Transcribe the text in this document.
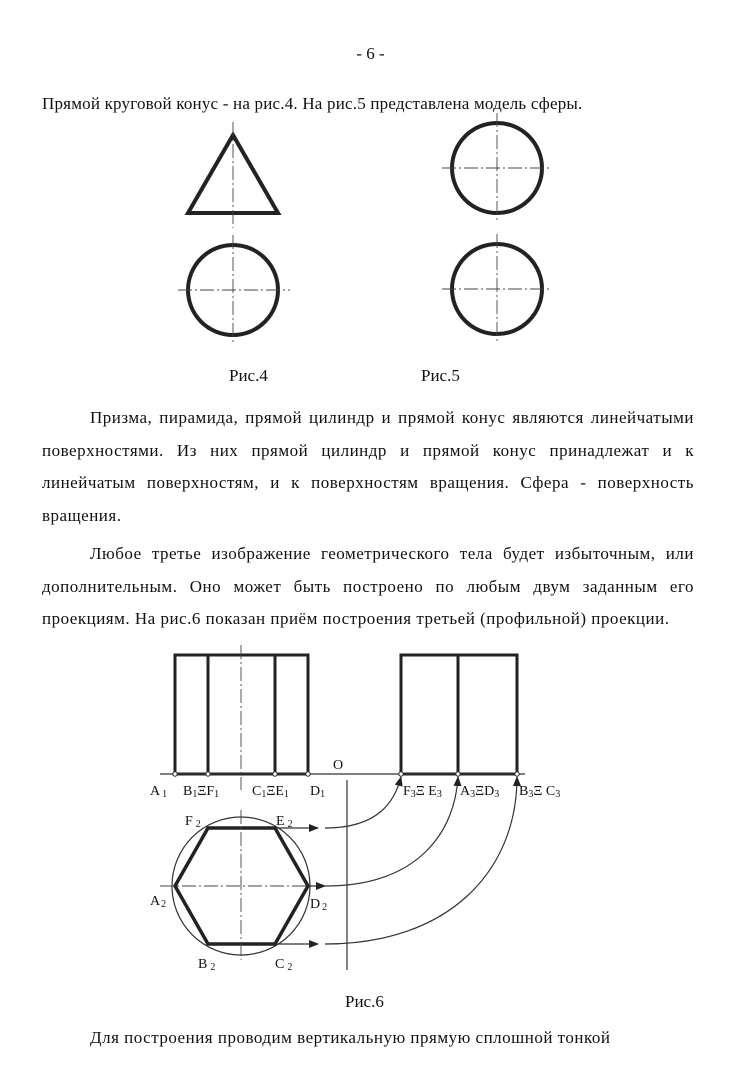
- 6 -
Прямой круговой конус - на рис.4. На рис.5 представлена модель сферы.
Рис.4	Рис.5
Призма, пирамида, прямой цилиндр и прямой конус являются линейчатыми поверхностями. Из них прямой цилиндр и прямой конус принадлежат и к линейчатым поверхностям, и к поверхностям вращения. Сфера - поверхность вращения.
Любое третье изображение геометрического тела будет избыточным, или дополнительным. Оно может быть построено по любым двум заданным его проекциям. На рис.6 показан приём построения третьей (профильной) проекции.
O
A 1 B1ΞF1 C1ΞE1 D1	F3Ξ E3 A3ΞD3 B3Ξ C3
F 2	E 2
A2	D 2
B 2	C 2
Рис.6
Для построения проводим вертикальную прямую сплошной тонкой
